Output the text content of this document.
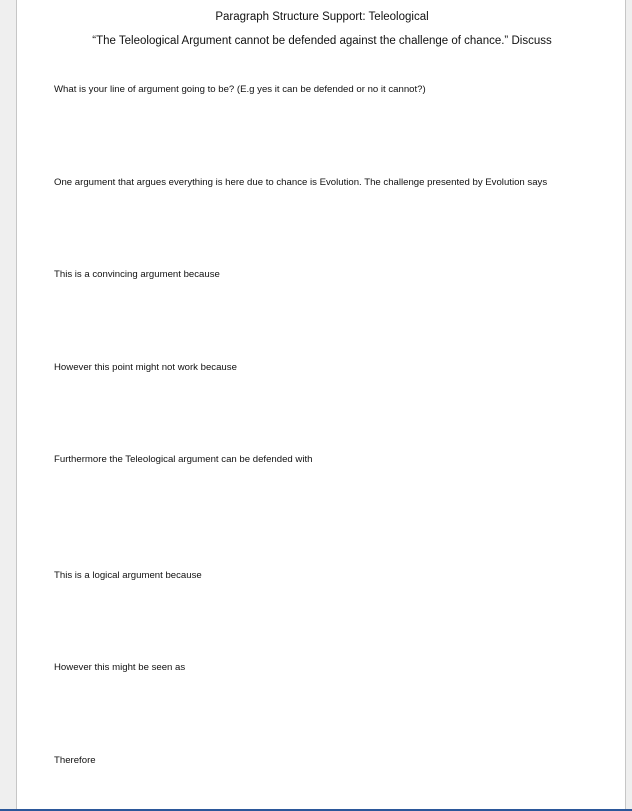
Paragraph Structure Support: Teleological
“The Teleological Argument cannot be defended against the challenge of chance.” Discuss
What is your line of argument going to be? (E.g yes it can be defended or no it cannot?)
One argument that argues everything is here due to chance is Evolution. The challenge presented by Evolution says
This is a convincing argument because
However this point might not work because
Furthermore the Teleological argument can be defended with
This is a logical argument because
However this might be seen as
Therefore
